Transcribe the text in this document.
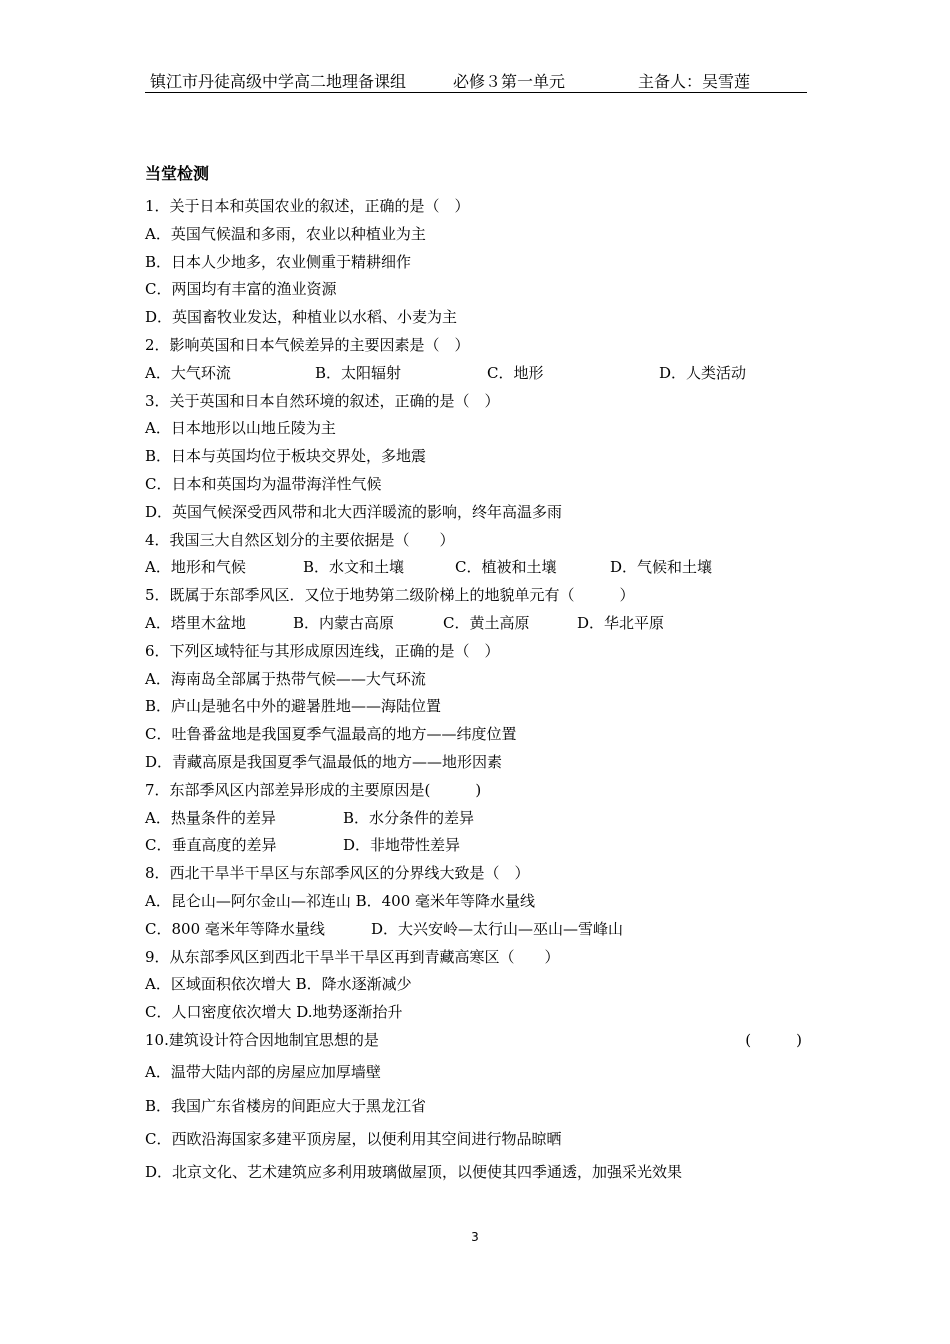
镇江市丹徒高级中学高二地理备课组	必修３第一单元	主备人：吴雪莲
当堂检测
1．关于日本和英国农业的叙述，正确的是（　）
A．英国气候温和多雨，农业以种植业为主
B．日本人少地多，农业侧重于精耕细作
C．两国均有丰富的渔业资源
D．英国畜牧业发达，种植业以水稻、小麦为主
2．影响英国和日本气候差异的主要因素是（　）
A．大气环流	B．太阳辐射	C．地形	D．人类活动
3．关于英国和日本自然环境的叙述，正确的是（　）
A．日本地形以山地丘陵为主
B．日本与英国均位于板块交界处，多地震
C．日本和英国均为温带海洋性气候
D．英国气候深受西风带和北大西洋暖流的影响，终年高温多雨
4．我国三大自然区划分的主要依据是（　　）
A．地形和气候	B．水文和土壤	C．植被和土壤	D．气候和土壤
5．既属于东部季风区．又位于地势第二级阶梯上的地貌单元有（　　　）
A．塔里木盆地	B．内蒙古高原	C．黄土高原	D．华北平原
6．下列区域特征与其形成原因连线，正确的是（　）
A．海南岛全部属于热带气候——大气环流
B．庐山是驰名中外的避暑胜地——海陆位置
C．吐鲁番盆地是我国夏季气温最高的地方——纬度位置
D．青藏高原是我国夏季气温最低的地方——地形因素
7．东部季风区内部差异形成的主要原因是(　　　)
A．热量条件的差异	B．水分条件的差异
C．垂直高度的差异	D．非地带性差异
8．西北干旱半干旱区与东部季风区的分界线大致是（　）
A．昆仑山—阿尔金山—祁连山 B．400 毫米年等降水量线
C．800 毫米年等降水量线	D．大兴安岭—太行山—巫山—雪峰山
9．从东部季风区到西北干旱半干旱区再到青藏高寒区（　　）
A．区域面积依次增大 B．降水逐渐减少
C．人口密度依次增大 D.地势逐渐抬升
10.建筑设计符合因地制宜思想的是	(　　　)
A．温带大陆内部的房屋应加厚墙壁
B．我国广东省楼房的间距应大于黑龙江省
C．西欧沿海国家多建平顶房屋，以便利用其空间进行物品晾晒
D．北京文化、艺术建筑应多利用玻璃做屋顶，以便使其四季通透，加强采光效果
3
